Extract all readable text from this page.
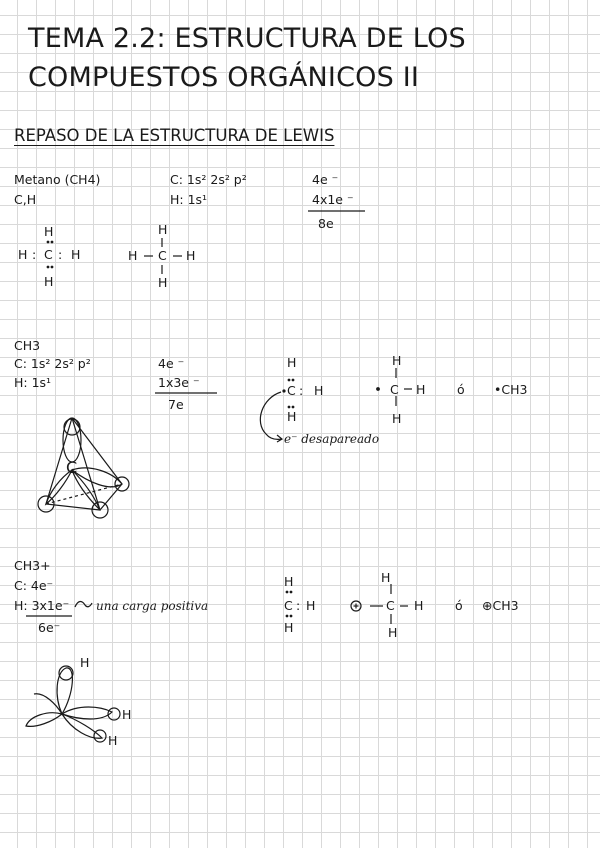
TEMA 2.2: ESTRUCTURA DE LOS
COMPUESTOS ORGÁNICOS II
REPASO DE LA ESTRUCTURA DE LEWIS
Metano (CH4)
C,H
C: 1s² 2s² p²
H: 1s¹
4e ⁻
4x1e ⁻
8e
H
H : C : H
H
H
H C H
H
CH3
C: 1s² 2s² p²
H: 1s¹
4e ⁻
1x3e ⁻
7e
H
C : H
H
e⁻ desapareado
H
C H
H
ó •CH3
C
CH3+
C: 4e⁻
H: 3x1e⁻
6e⁻
una carga positiva
H
C : H
H
H
C H
H
ó ⊕CH3
H
H
H
